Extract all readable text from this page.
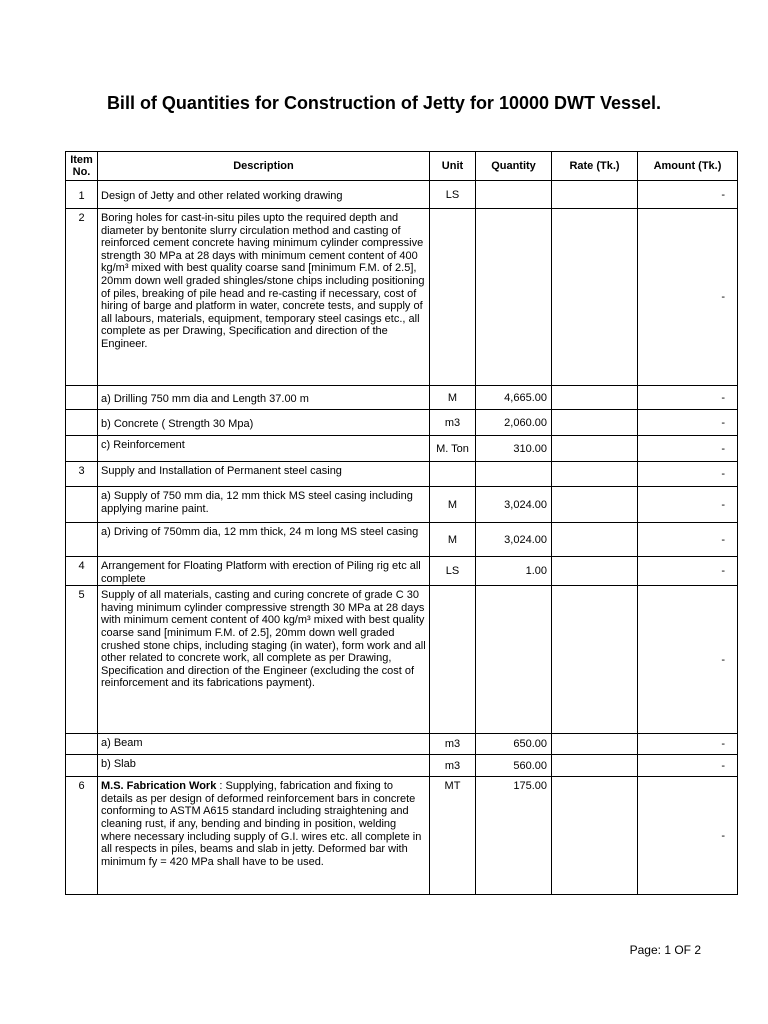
Bill of Quantities for Construction of Jetty for 10000 DWT Vessel.
Item
No.	Description	Unit	Quantity	Rate (Tk.)	Amount (Tk.)
1	Design of Jetty and other related working drawing	LS			-
2	Boring holes for cast-in-situ piles upto the required depth and diameter by bentonite slurry circulation method and casting of reinforced cement concrete having minimum cylinder compressive strength 30 MPa at 28 days with minimum cement content of 400 kg/m³ mixed with best quality coarse sand [minimum F.M. of 2.5], 20mm down well graded shingles/stone chips including positioning of piles, breaking of pile head and re-casting if necessary, cost of hiring of barge and platform in water, concrete tests, and supply of all labours, materials, equipment, temporary steel casings etc., all complete as per Drawing, Specification and direction of the Engineer.				-
	a) Drilling 750 mm dia and Length 37.00 m	M	4,665.00		-
	b) Concrete ( Strength 30 Mpa)	m3	2,060.00		-
	c) Reinforcement	M. Ton	310.00		-
3	Supply and Installation of Permanent steel casing				-
	a) Supply of 750 mm dia, 12 mm thick MS steel casing including applying marine paint.	M	3,024.00		-
	a) Driving of 750mm dia, 12 mm thick, 24 m long MS steel casing	M	3,024.00		-
4	Arrangement for Floating Platform with erection of Piling rig etc all complete	LS	1.00		-
5	Supply of all materials, casting and curing concrete of grade C 30 having minimum cylinder compressive strength 30 MPa at 28 days with minimum cement content of 400 kg/m³ mixed with best quality coarse sand [minimum F.M. of 2.5], 20mm down well graded crushed stone chips, including staging (in water), form work and all other related to concrete work, all complete as per Drawing, Specification and direction of the Engineer (excluding the cost of reinforcement and its fabrications payment).				-
	a) Beam	m3	650.00		-
	b) Slab	m3	560.00		-
6	M.S. Fabrication Work : Supplying, fabrication and fixing to details as per design of deformed reinforcement bars in concrete conforming to ASTM A615 standard including straightening and cleaning rust, if any, bending and binding in position, welding where necessary including supply of G.I. wires etc. all complete in all respects in piles, beams and slab in jetty. Deformed bar with minimum fy = 420 MPa shall have to be used.	MT	175.00		-
Page: 1 OF 2
